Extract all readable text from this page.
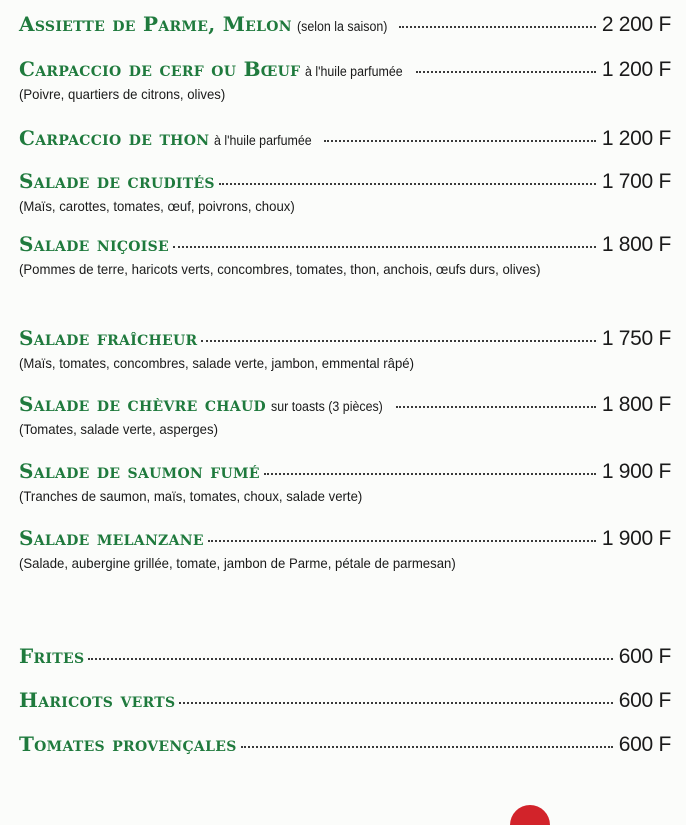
Assiette de Parme, Melon (selon la saison)	2 200 F
Carpaccio de cerf ou Bœuf à l'huile parfumée	1 200 F
(Poivre, quartiers de citrons, olives)
Carpaccio de thon à l'huile parfumée	1 200 F
Salade de crudités	1 700 F
(Maïs, carottes, tomates, œuf, poivrons, choux)
Salade niçoise	1 800 F
(Pommes de terre, haricots verts, concombres, tomates, thon, anchois, œufs durs, olives)
Salade fraîcheur	1 750 F
(Maïs, tomates, concombres, salade verte, jambon, emmental râpé)
Salade de chèvre chaud sur toasts (3 pièces)	1 800 F
(Tomates, salade verte, asperges)
Salade de saumon fumé	1 900 F
(Tranches de saumon, maïs, tomates, choux, salade verte)
Salade melanzane	1 900 F
(Salade, aubergine grillée, tomate, jambon de Parme, pétale de parmesan)
Frites	600 F
Haricots verts	600 F
Tomates provençales	600 F
